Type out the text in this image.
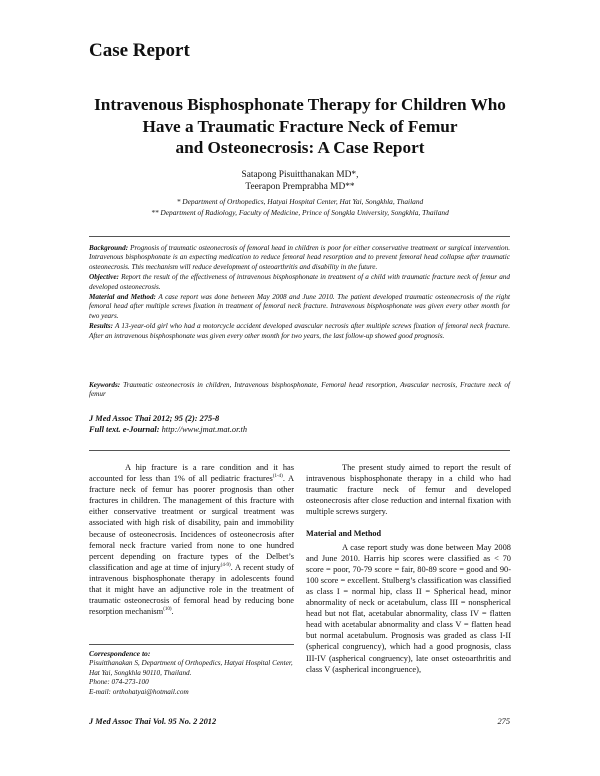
Case Report
Intravenous Bisphosphonate Therapy for Children Who
Have a Traumatic Fracture Neck of Femur
and Osteonecrosis: A Case Report
Satapong Pisuitthanakan MD*,
Teerapon Premprabha MD**
* Department of Orthopedics, Hatyai Hospital Center, Hat Yai, Songkhla, Thailand
** Department of Radiology, Faculty of Medicine, Prince of Songkla University, Songkhla, Thailand

Background: Prognosis of traumatic osteonecrosis of femoral head in children is poor for either conservative treatment or surgical intervention. Intravenous bisphosphonate is an expecting medication to reduce femoral head resorption and to prevent femoral head collapse after traumatic osteonecrosis. This mechanism will reduce development of osteoarthritis and disability in the future.

Objective: Report the result of the effectiveness of intravenous bisphosphonate in treatment of a child with traumatic fracture neck of femur and developed osteonecrosis.

Material and Method: A case report was done between May 2008 and June 2010. The patient developed traumatic osteonecrosis of the right femoral head after multiple screws fixation in treatment of femoral neck fracture. Intravenous bisphosphonate was given every other month for two years.

Results: A 13-year-old girl who had a motorcycle accident developed avascular necrosis after multiple screws fixation of femoral neck fracture. After an intravenous bisphosphonate was given every other month for two years, the last follow-up showed good prognosis.

Keywords: Traumatic osteonecrosis in children, Intravenous bisphosphonate, Femoral head resorption, Avascular necrosis, Fracture neck of femur
J Med Assoc Thai 2012; 95 (2): 275-8
Full text. e-Journal: http://www.jmat.mat.or.th

A hip fracture is a rare condition and it has accounted for less than 1% of all pediatric fractures$^{(1-4)}$. A fracture neck of femur has poorer prognosis than other fractures in children. The management of this fracture with either conservative treatment or surgical treatment was associated with high risk of disability, pain and immobility because of osteonecrosis. Incidences of osteonecrosis after femoral neck fracture varied from none to one hundred percent depending on fracture types of the Delbet’s classification and age at time of injury$^{(4-9)}$. A recent study of intravenous bisphosphonate therapy in adolescents found that it might have an adjunctive role in the treatment of traumatic osteonecrosis of femoral head by reducing bone resorption mechanism$^{(10)}$.

Correspondence to:
Pisuitthanakan S, Department of Orthopedics, Hatyai Hospital Center, Hat Yai, Songkhla 90110, Thailand.
Phone: 074-273-100
E-mail: orthohatyai@hotmail.com

The present study aimed to report the result of intravenous bisphosphonate therapy in a child who had traumatic fracture neck of femur and developed osteonecrosis after close reduction and internal fixation with multiple screws surgery.

Material and Method

A case report study was done between May 2008 and June 2010. Harris hip scores were classified as < 70 score = poor, 70-79 score = fair, 80-89 score = good and 90-100 score = excellent. Stulberg’s classification was classified as class I = normal hip, class II = Spherical head, minor abnormality of neck or acetabulum, class III = nonspherical head but not flat, acetabular abnormality, class IV = flatten head with acetabular abnormality and class V = flatten head but normal acetabulum. Prognosis was graded as class I-II (spherical congruency), which had a good prognosis, class III-IV (aspherical congruency), late onset osteoarthritis and class V (aspherical incongruence),

J Med Assoc Thai Vol. 95 No. 2 2012	275
